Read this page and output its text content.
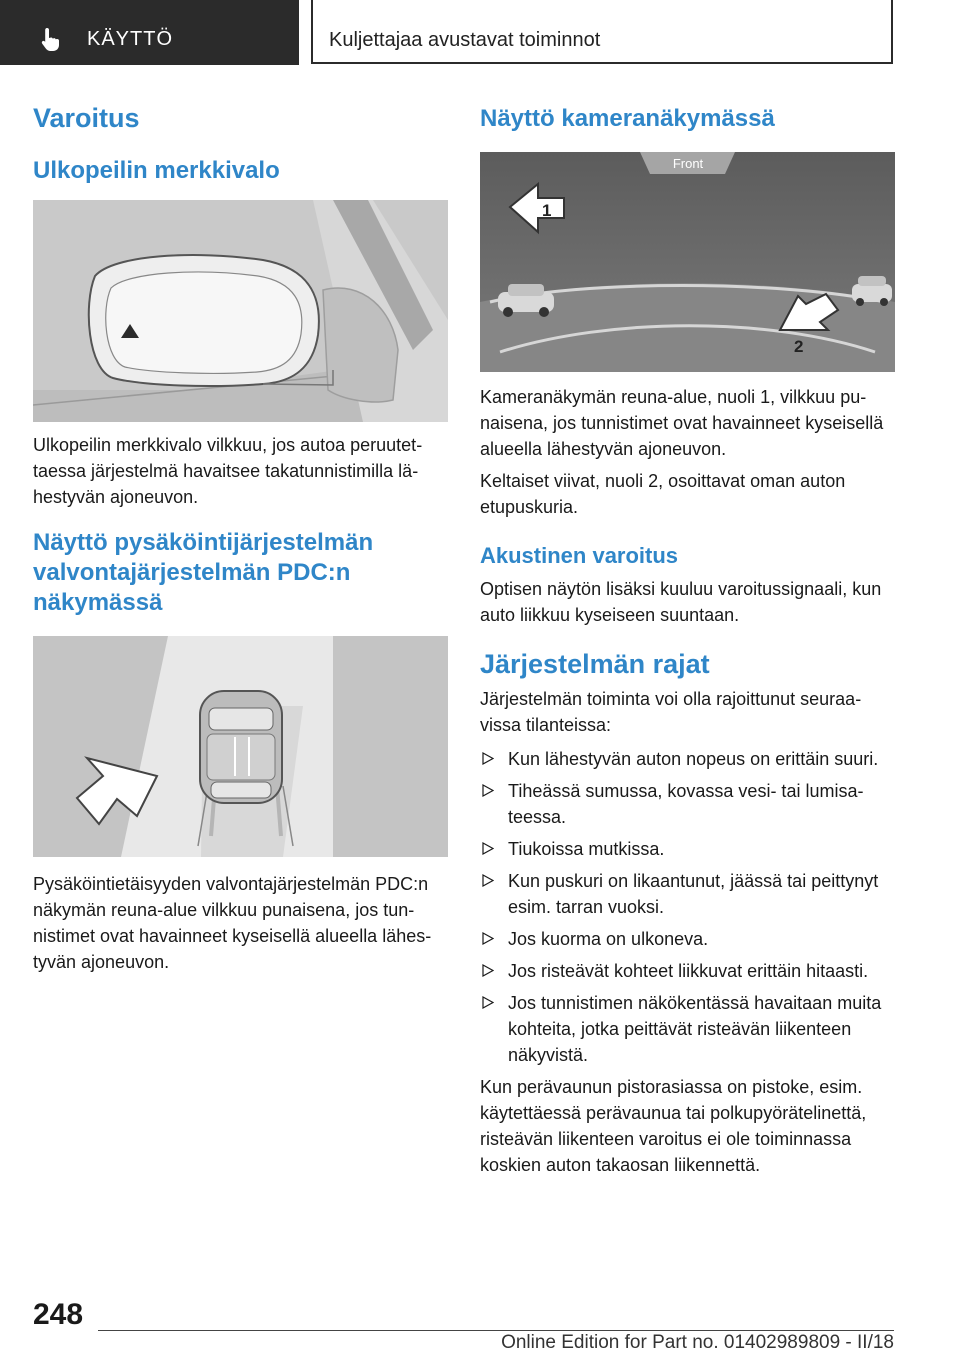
KÄYTTÖ	Kuljettajaa avustavat toiminnot
Varoitus
Ulkopeilin merkkivalo

Ulkopeilin merkkivalo vilkkuu, jos autoa peruutettaessa järjestelmä havaitsee takatunnistimilla lähestyvän ajoneuvon.

Näyttö pysäköintijärjestelmän valvontajärjestelmän PDC:n näkymässä

Pysäköintietäisyyden valvontajärjestelmän PDC:n näkymän reuna-alue vilkkuu punaisena, jos tunnistimet ovat havainneet kyseisellä alueella lähestyvän ajoneuvon.

Näyttö kameranäkymässä
Front
1
2

Kameranäkymän reuna-alue, nuoli 1, vilkkuu punaisena, jos tunnistimet ovat havainneet kyseisellä alueella lähestyvän ajoneuvon.

Keltaiset viivat, nuoli 2, osoittavat oman auton etupuskuria.

Akustinen varoitus

Optisen näytön lisäksi kuuluu varoitussignaali, kun auto liikkuu kyseiseen suuntaan.

Järjestelmän rajat

Järjestelmän toiminta voi olla rajoittunut seuraavissa tilanteissa:

Kun lähestyvän auton nopeus on erittäin suuri.
Tiheässä sumussa, kovassa vesi- tai lumisateessa.
Tiukoissa mutkissa.
Kun puskuri on likaantunut, jäässä tai peittynyt esim. tarran vuoksi.
Jos kuorma on ulkoneva.
Jos risteävät kohteet liikkuvat erittäin hitaasti.
Jos tunnistimen näkökentässä havaitaan muita kohteita, jotka peittävät risteävän liikenteen näkyvistä.

Kun perävaunun pistorasiassa on pistoke, esim. käytettäessä perävaunua tai polkupyörätelinettä, risteävän liikenteen varoitus ei ole toiminnassa koskien auton takaosan liikennettä.

248
Online Edition for Part no. 01402989809 - II/18
